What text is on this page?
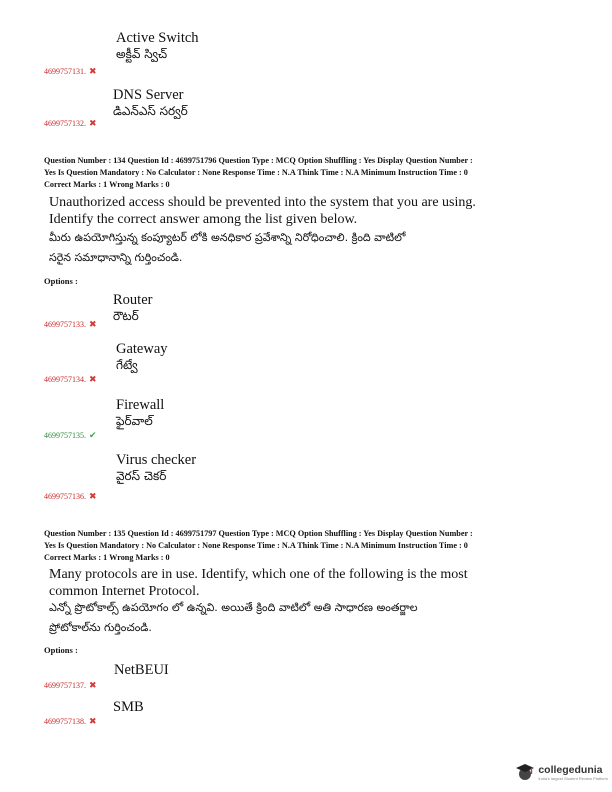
Active Switch
అక్టీవ్ స్విచ్
4699757131. ✖
DNS Server
డిఎన్ఎస్ సర్వర్
4699757132. ✖
Question Number : 134 Question Id : 4699751796 Question Type : MCQ Option Shuffling : Yes Display Question Number :
Yes Is Question Mandatory : No Calculator : None Response Time : N.A Think Time : N.A Minimum Instruction Time : 0
Correct Marks : 1 Wrong Marks : 0
Unauthorized access should be prevented into the system that you are using.
Identify the correct answer among the list given below.
మీరు ఉపయోగిస్తున్న కంప్యూటర్ లోకి అనధికార ప్రవేశాన్ని నిరోధించాలి. క్రింది వాటిలో
సరైన సమాధానాన్ని గుర్తించండి.
Options :
Router
రౌటర్
4699757133. ✖
Gateway
గేట్వే
4699757134. ✖
Firewall
ఫైర్‌వాల్
4699757135. ✔
Virus checker
వైరస్ చెకర్
4699757136. ✖
Question Number : 135 Question Id : 4699751797 Question Type : MCQ Option Shuffling : Yes Display Question Number :
Yes Is Question Mandatory : No Calculator : None Response Time : N.A Think Time : N.A Minimum Instruction Time : 0
Correct Marks : 1 Wrong Marks : 0
Many protocols are in use. Identify, which one of the following is the most
common Internet Protocol.
ఎన్నో ప్రొటోకాల్స్ ఉపయోగం లో ఉన్నవి. అయితే క్రింది వాటిలో అతి సాధారణ అంతర్జాల
ప్రోటోకాల్‌ను గుర్తించండి.
Options :
NetBEUI
4699757137. ✖
SMB
4699757138. ✖
collegedunia
India's largest Student Review Platform
